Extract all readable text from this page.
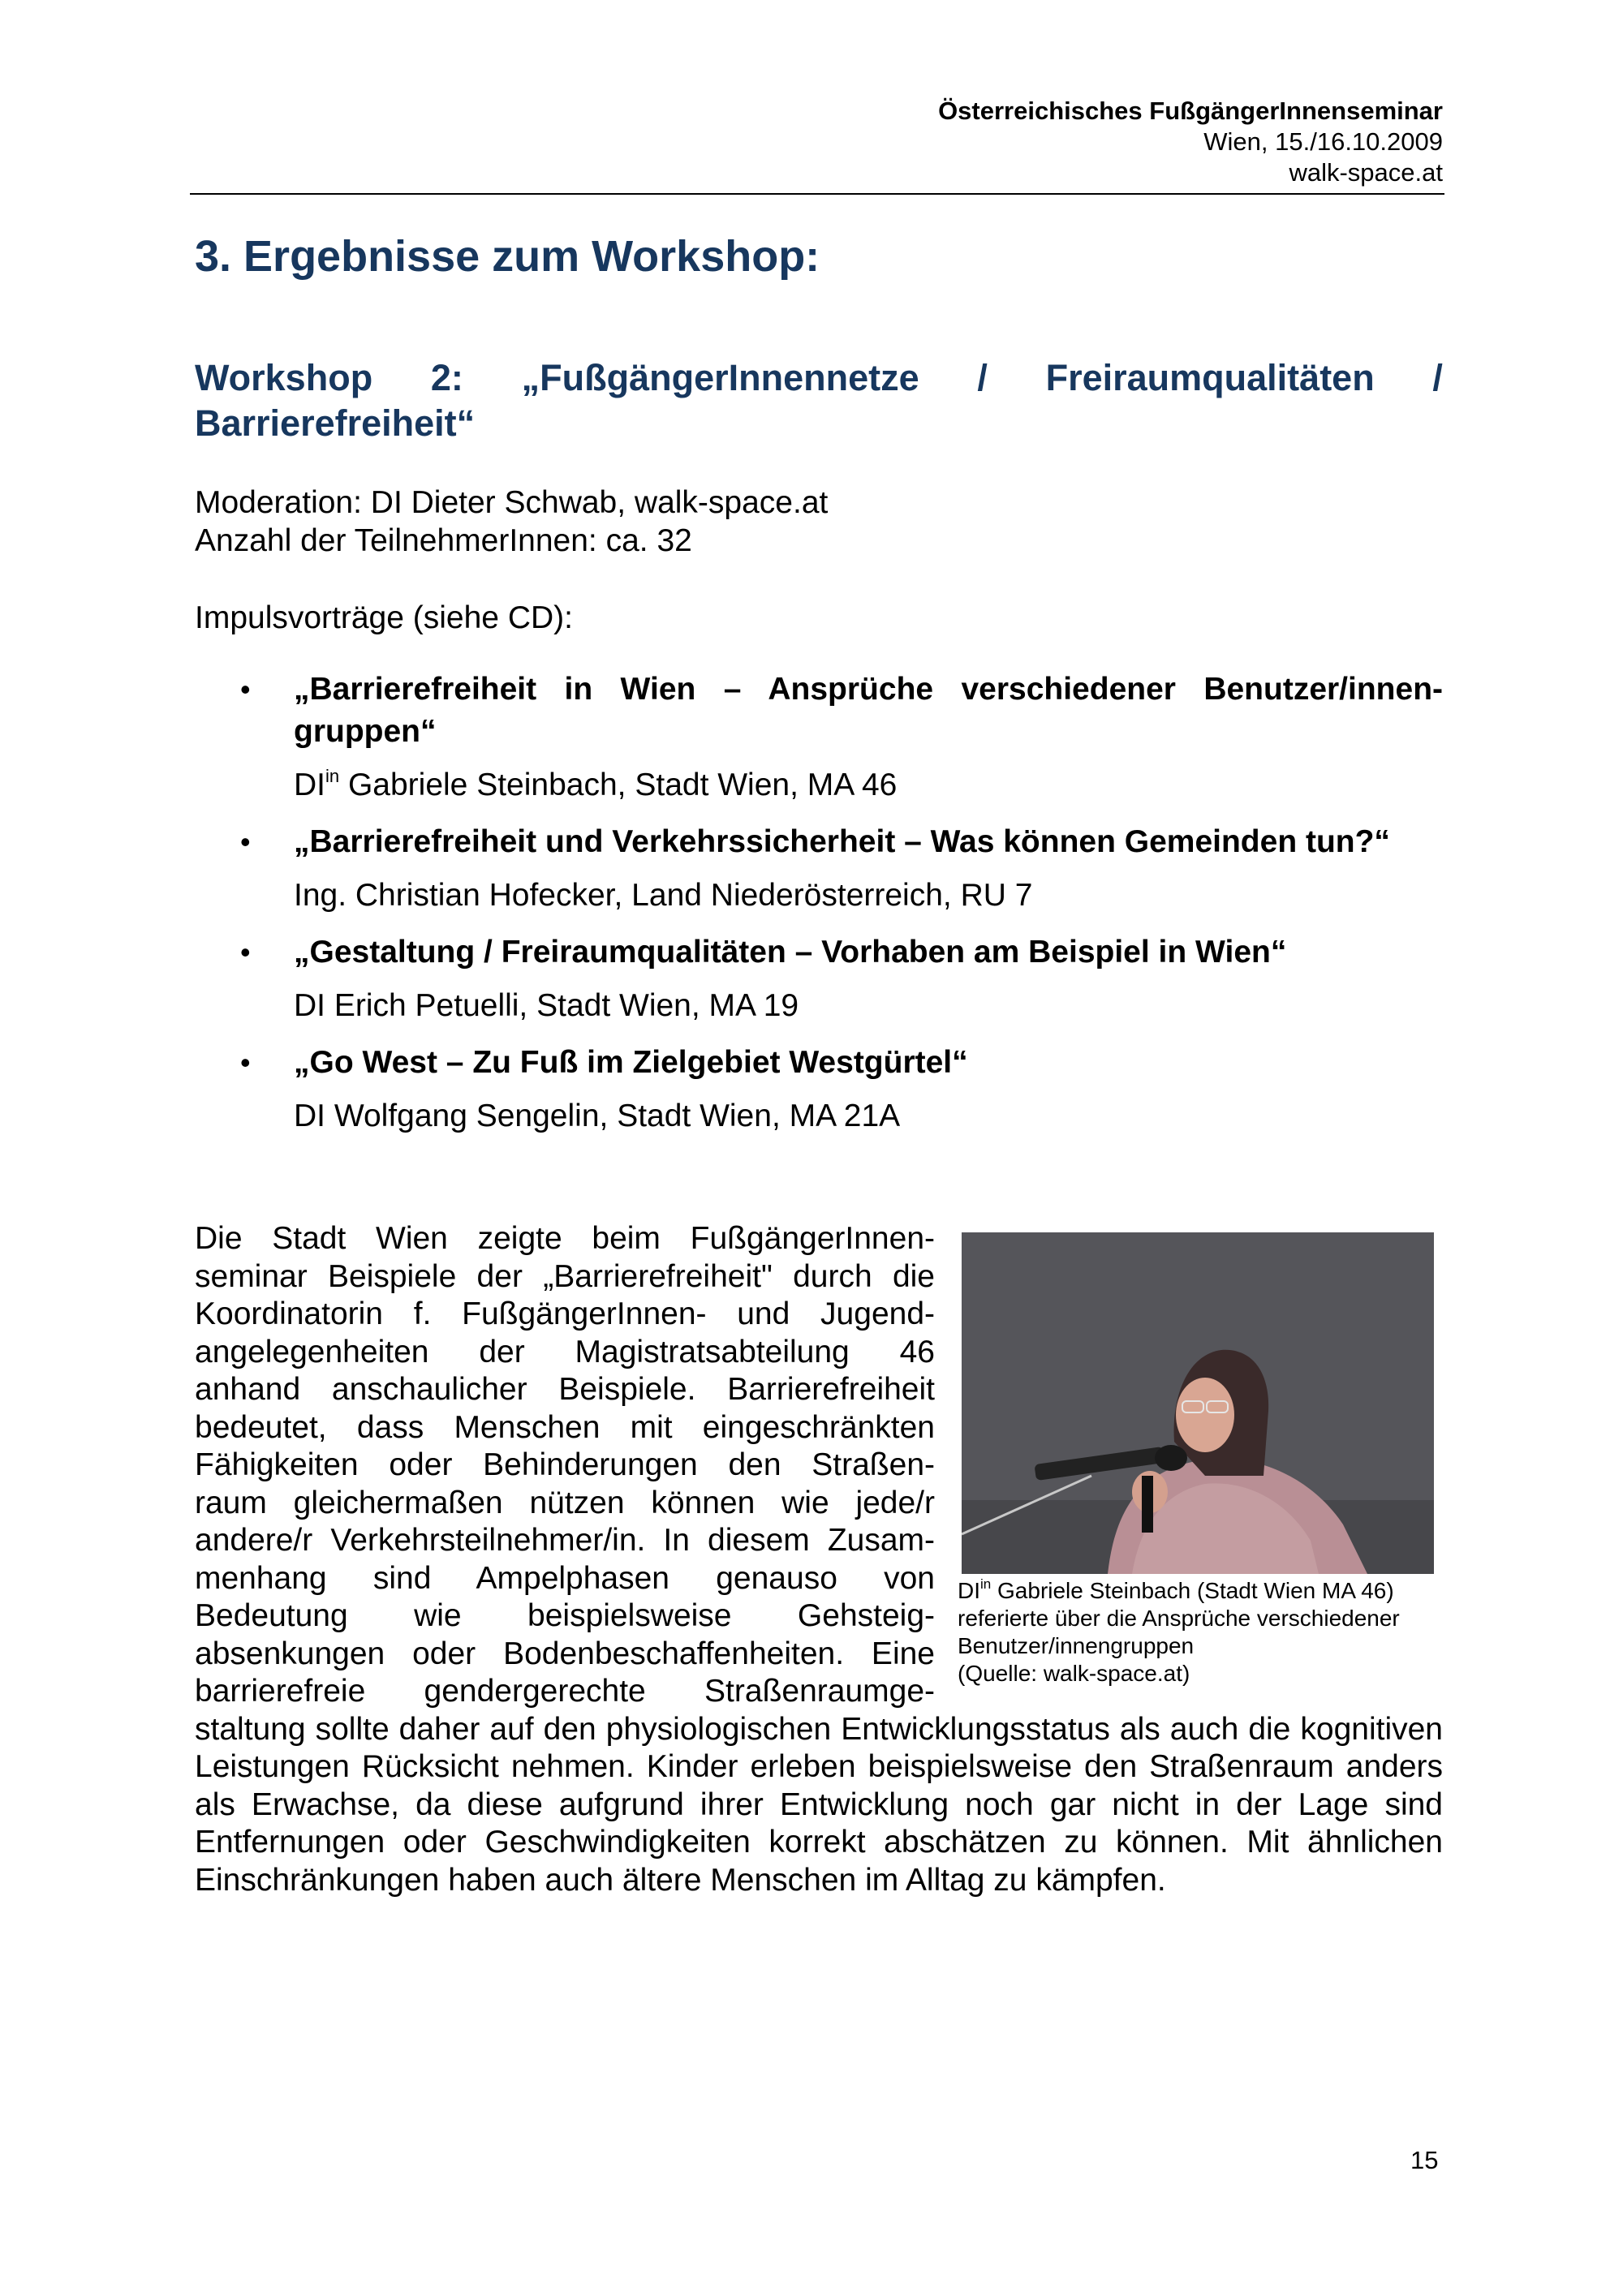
Österreichisches FußgängerInnenseminar
Wien, 15./16.10.2009
walk-space.at
3. Ergebnisse zum Workshop:
Workshop 2: „FußgängerInnennetze / Freiraumqualitäten /
Barrierefreiheit“
Moderation: DI Dieter Schwab, walk-space.at
Anzahl der TeilnehmerInnen: ca. 32
Impulsvorträge (siehe CD):
• „Barrierefreiheit in Wien – Ansprüche verschiedener Benutzer/innen-gruppen“
$DI^{in}$ Gabriele Steinbach, Stadt Wien, MA 46
• „Barrierefreiheit und Verkehrssicherheit – Was können Gemeinden tun?“
Ing. Christian Hofecker, Land Niederösterreich, RU 7
• „Gestaltung / Freiraumqualitäten – Vorhaben am Beispiel in Wien“
DI Erich Petuelli, Stadt Wien, MA 19
• „Go West – Zu Fuß im Zielgebiet Westgürtel“
DI Wolfgang Sengelin, Stadt Wien, MA 21A
Die Stadt Wien zeigte beim FußgängerInnen-
seminar Beispiele der „Barrierefreiheit" durch die
Koordinatorin f. FußgängerInnen- und Jugend-
angelegenheiten der Magistratsabteilung 46
anhand anschaulicher Beispiele. Barrierefreiheit
bedeutet, dass Menschen mit eingeschränkten
Fähigkeiten oder Behinderungen den Straßen-
raum gleichermaßen nützen können wie jede/r
andere/r Verkehrsteilnehmer/in. In diesem Zusam-
menhang sind Ampelphasen genauso von
Bedeutung wie beispielsweise Gehsteig-
absenkungen oder Bodenbeschaffenheiten. Eine
barrierefreie gendergerechte Straßenraumge-
staltung sollte daher auf den physiologischen Entwicklungsstatus als auch die kognitiven Leistungen Rücksicht nehmen. Kinder erleben beispielsweise den Straßenraum anders als Erwachse, da diese aufgrund ihrer Entwicklung noch gar nicht in der Lage sind Entfernungen oder Geschwindigkeiten korrekt abschätzen zu können. Mit ähnlichen Einschränkungen haben auch ältere Menschen im Alltag zu kämpfen.
$DI^{in}$ Gabriele Steinbach (Stadt Wien MA 46)
referierte über die Ansprüche verschiedener
Benutzer/innengruppen
(Quelle: walk-space.at)
15
